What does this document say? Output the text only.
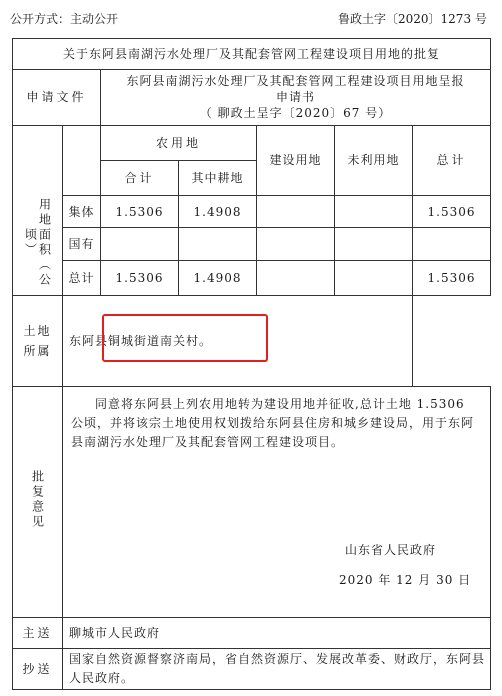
公开方式：主动公开	鲁政土字〔2020〕1273 号
关于东阿县南湖污水处理厂及其配套管网工程建设项目用地的批复						
申请文件		东阿县南湖污水处理厂及其配套管网工程建设项目用地呈报
申请书
（ 聊政土呈字〔2020〕67 号）				

用地面积（公顷）		农用地		建设用地	未利用地	总计
		合计	其中耕地			
	集体	1.5306	1.4908			1.5306
	国有					
	总计	1.5306	1.4908			1.5306

土地
所属	东阿县铜城街道南关村。					
批复意见	同意将东阿县上列农用地转为建设用地并征收,总计土地 1.5306 公顷，并将该宗土地使用权划拨给东阿县住房和城乡建设局，用于东阿县南湖污水处理厂及其配套管网工程建设项目。
山东省人民政府
2020 年 12 月 30 日					

主送	聊城市人民政府					
抄送	国家自然资源督察济南局，省自然资源厅、发展改革委、财政厅，东阿县人民政府。					
